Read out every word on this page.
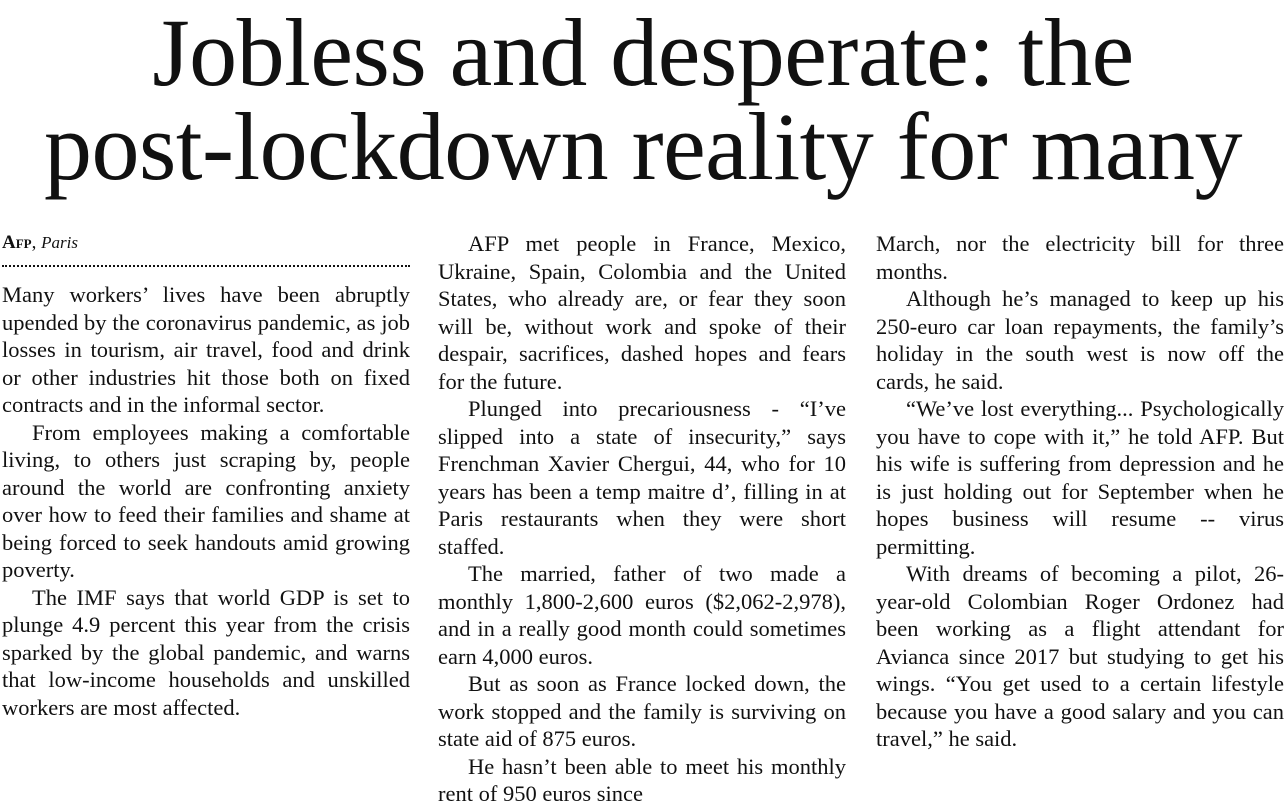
Jobless and desperate: the
post-lockdown reality for many
Afp, Paris

Many workers’ lives have been abruptly upended by the coronavirus pandemic, as job losses in tourism, air travel, food and drink or other industries hit those both on fixed contracts and in the informal sector.

From employees making a comfortable living, to others just scraping by, people around the world are confronting anxiety over how to feed their families and shame at being forced to seek handouts amid growing poverty.

The IMF says that world GDP is set to plunge 4.9 percent this year from the crisis sparked by the global pandemic, and warns that low-income households and unskilled workers are most affected.

AFP met people in France, Mexico, Ukraine, Spain, Colombia and the United States, who already are, or fear they soon will be, without work and spoke of their despair, sacrifices, dashed hopes and fears for the future.

Plunged into precariousness - “I’ve slipped into a state of insecurity,” says Frenchman Xavier Chergui, 44, who for 10 years has been a temp maitre d’, filling in at Paris restaurants when they were short staffed.

The married, father of two made a monthly 1,800-2,600 euros ($2,062-2,978), and in a really good month could sometimes earn 4,000 euros.

But as soon as France locked down, the work stopped and the family is surviving on state aid of 875 euros.

He hasn’t been able to meet his monthly rent of 950 euros since

March, nor the electricity bill for three months.

Although he’s managed to keep up his 250-euro car loan repayments, the family’s holiday in the south west is now off the cards, he said.

“We’ve lost everything... Psychologically you have to cope with it,” he told AFP. But his wife is suffering from depression and he is just holding out for September when he hopes business will resume -- virus permitting.

With dreams of becoming a pilot, 26-year-old Colombian Roger Ordonez had been working as a flight attendant for Avianca since 2017 but studying to get his wings. “You get used to a certain lifestyle because you have a good salary and you can travel,” he said.
